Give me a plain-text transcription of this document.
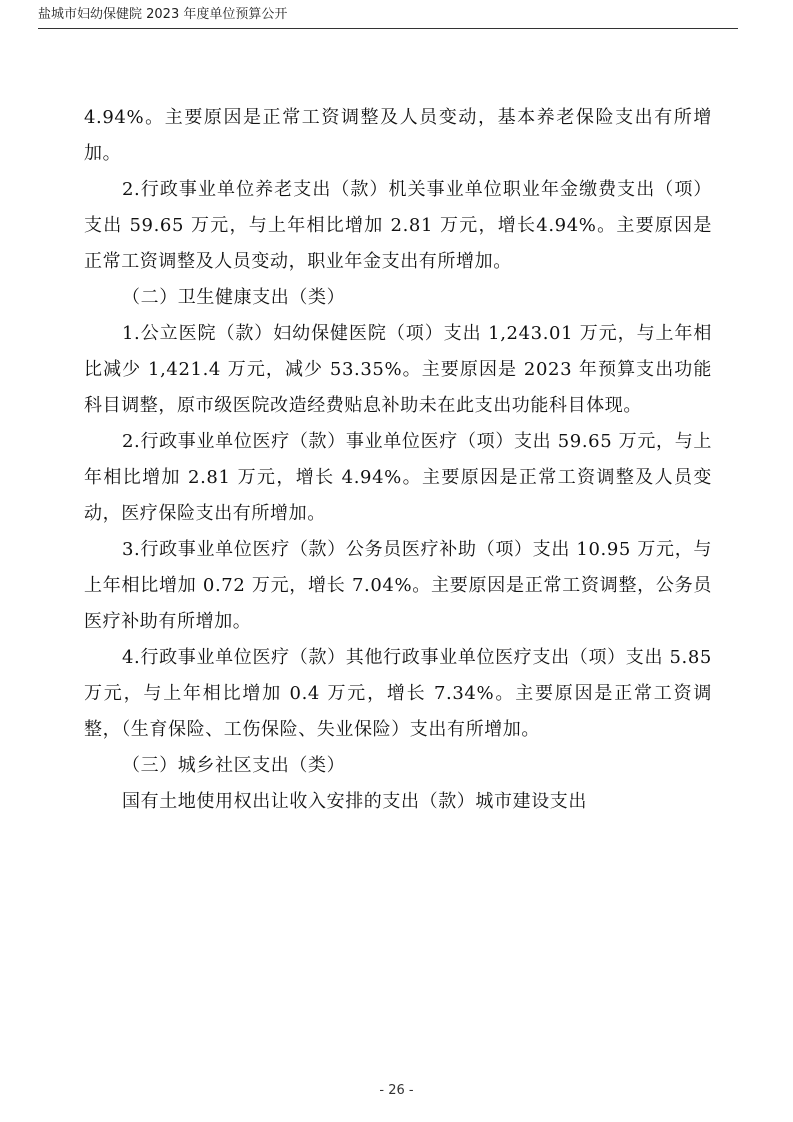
盐城市妇幼保健院 2023 年度单位预算公开

4.94%。主要原因是正常工资调整及人员变动，基本养老保险支出有所增加。

2.行政事业单位养老支出（款）机关事业单位职业年金缴费支出（项）支出 59.65 万元，与上年相比增加 2.81 万元，增长4.94%。主要原因是正常工资调整及人员变动，职业年金支出有所增加。

（二）卫生健康支出（类）

1.公立医院（款）妇幼保健医院（项）支出 1,243.01 万元，与上年相比减少 1,421.4 万元，减少 53.35%。主要原因是 2023 年预算支出功能科目调整，原市级医院改造经费贴息补助未在此支出功能科目体现。

2.行政事业单位医疗（款）事业单位医疗（项）支出 59.65 万元，与上年相比增加 2.81 万元，增长 4.94%。主要原因是正常工资调整及人员变动，医疗保险支出有所增加。

3.行政事业单位医疗（款）公务员医疗补助（项）支出 10.95 万元，与上年相比增加 0.72 万元，增长 7.04%。主要原因是正常工资调整，公务员医疗补助有所增加。

4.行政事业单位医疗（款）其他行政事业单位医疗支出（项）支出 5.85 万元，与上年相比增加 0.4 万元，增长 7.34%。主要原因是正常工资调整，（生育保险、工伤保险、失业保险）支出有所增加。

（三）城乡社区支出（类）

国有土地使用权出让收入安排的支出（款）城市建设支出

- 26 -
